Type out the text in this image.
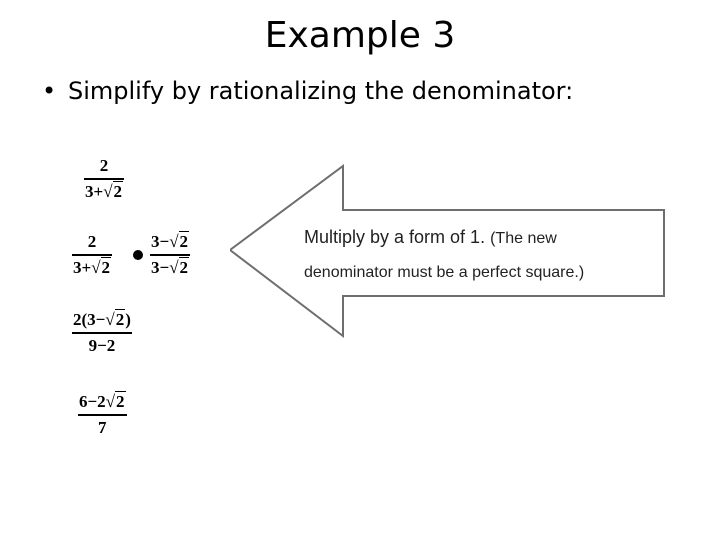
Example 3
• Simplify by rationalizing the denominator:
2
3+√2
2
3+√2
3−√2
3−√2
2(3−√2)
9−2
6−2√2
7
Multiply by a form of 1. (The new
denominator must be a perfect square.)
